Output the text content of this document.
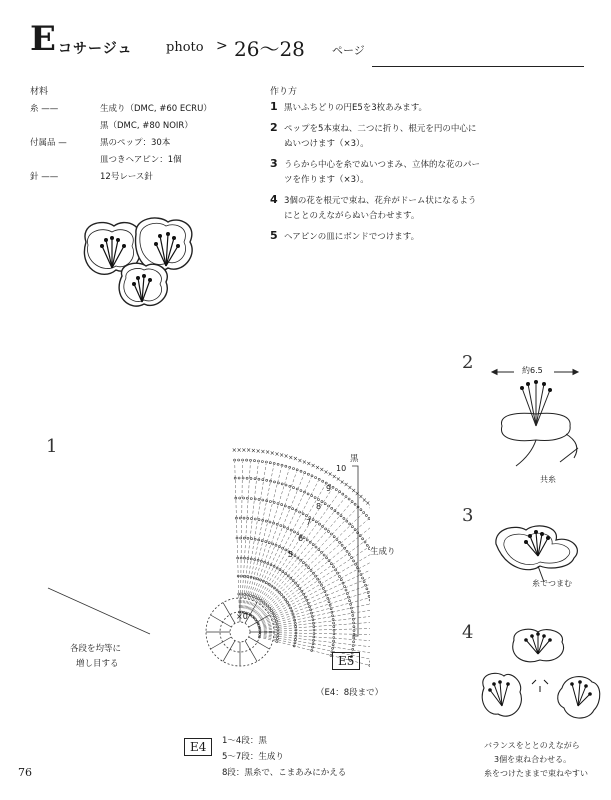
E コサージュ	photo > 26～28 ページ
材料
糸 ——	生成り（DMC, #60 ECRU）
黒（DMC, #80 NOIR）
付属品 —	黒のペップ：30本
皿つきヘアピン：1個
針 ——	12号レース針
作り方
1 黒いふちどりの円E5を3枚あみます。
2 ペップを5本束ね、二つに折り、根元を円の中心に
ぬいつけます（×3）。
3 うらから中心を糸でぬいつまみ、立体的な花のパー
ツを作ります（×3）。
4 3個の花を根元で束ね、花弁がドーム状になるよう
にととのえながらぬい合わせます。
5 ヘアピンの皿にボンドでつけます。
1	× × × × × × × × × × × × × × × × × × × × × × ×
×
×
×
×
×
×
×
×
×
黒
生成り
×0
10
9
8
7
6
5
各段を均等に
増し目する	E5
（E4：8段まで）
E4	1～4段：黒
5～7段：生成り
8段：黒糸で、こまあみにかえる
2	約6.5
共糸
3
糸でつまむ
4
バランスをととのえながら
3個を束ね合わせる。
糸をつけたままで束ねやすい
76
